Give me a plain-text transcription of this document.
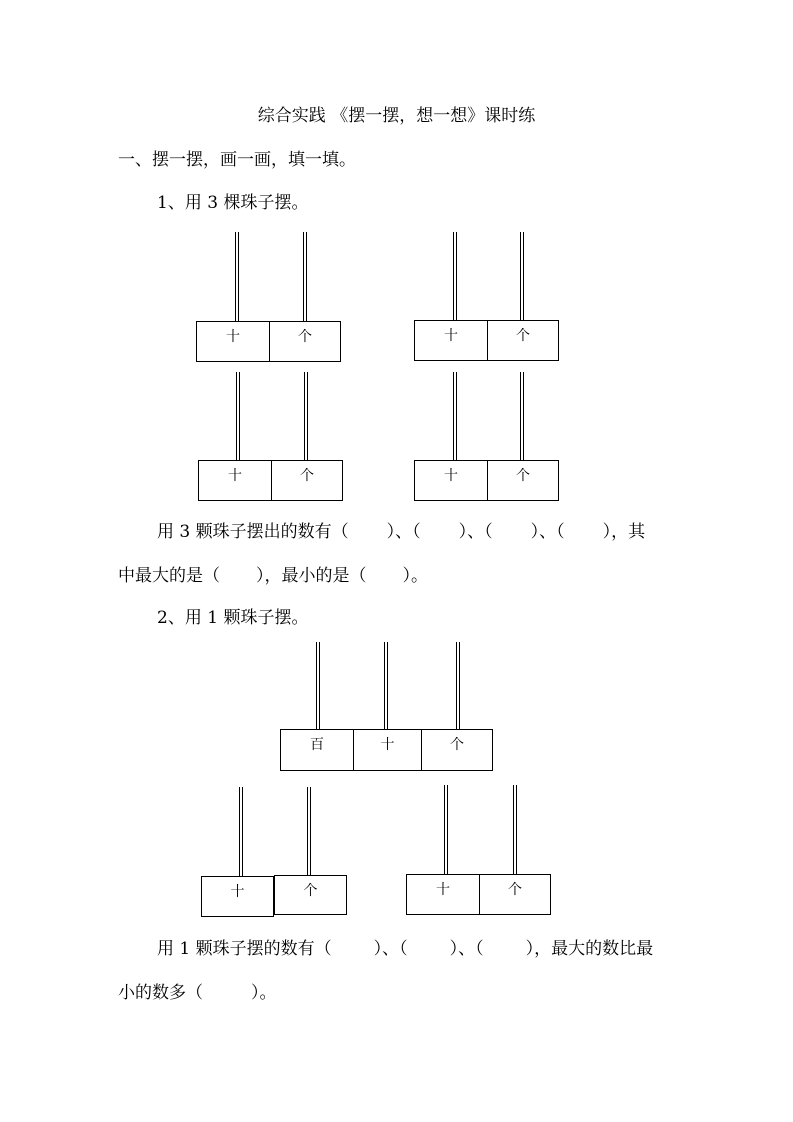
综合实践 《摆一摆，想一想》课时练
一、摆一摆，画一画，填一填。
1、用 3 棵珠子摆。
十	个	十	个
十	个	十	个
用 3 颗珠子摆出的数有（ ）、（ ）、（ ）、（ ），其
中最大的是（ ），最小的是（ ）。
2、用 1 颗珠子摆。
百	十	个
十	个	十	个
用 1 颗珠子摆的数有（ ）、（ ）、（ ），最大的数比最
小的数多（	）。
